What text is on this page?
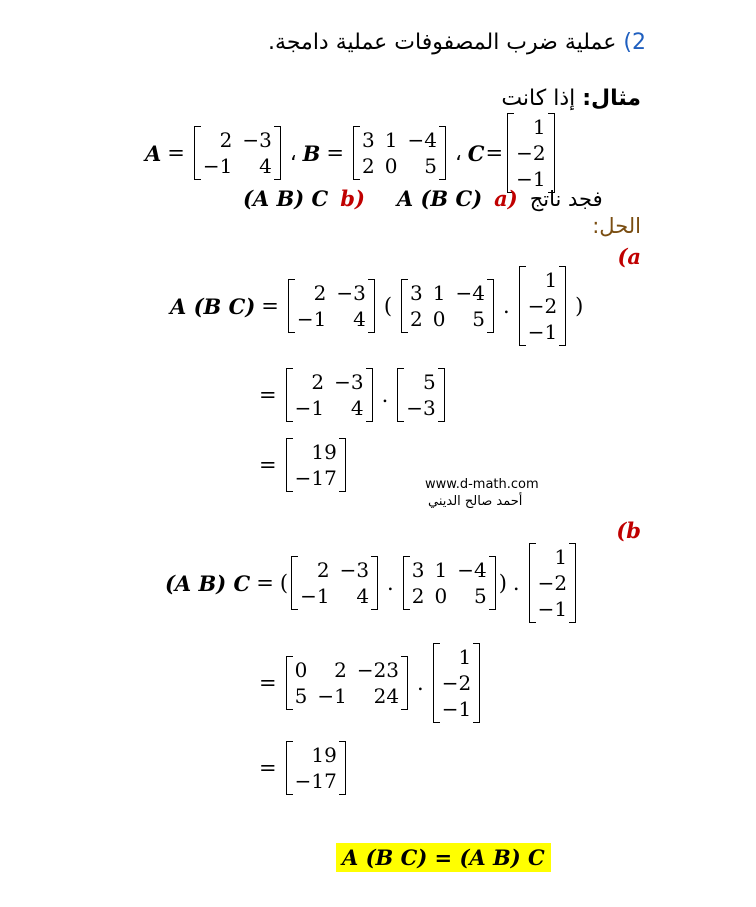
2) عملية ضرب المصفوفات عملية دامجة.
مثال: إذا كانت
A =
2 −3
−1	4
، B =
3 1 −4
2 0	5
، C =
1
−2
−1
(A B) C b) A (B C) a) فجد ناتج
الحل:
(a
A (B C) =
2 −3
−1	4
(
3 1 −4
2 0	5
.
1
−2
−1
)
=
2 −3
−1	4
.
5
−3
=
19
−17	www.d-math.com
أحمد صالح الديني
(b
(A B) C = (
2 −3
−1	4
.
3 1 −4
2 0	5
) .
1
−2
−1
=
0	2 −23
5 −1	24
.
1
−2
−1
=
19
−17
A (B C) = (A B) C
